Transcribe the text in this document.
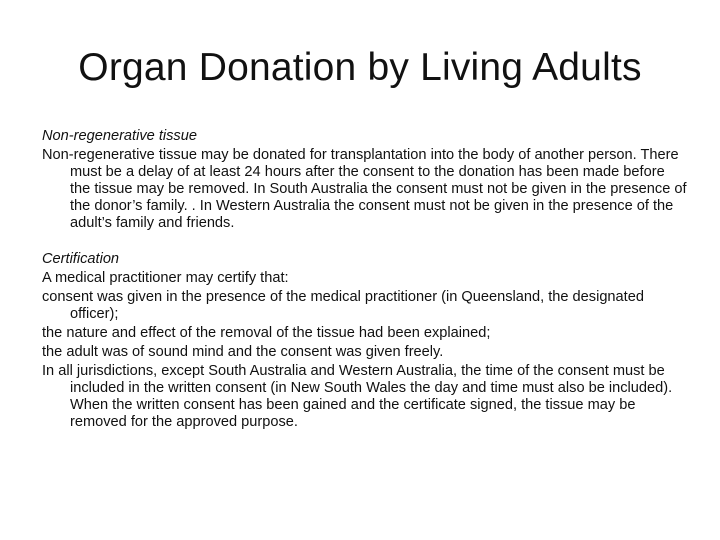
Organ Donation by Living Adults
Non-regenerative tissue
Non-regenerative tissue may be donated for transplantation into the body of another person. There must be a delay of at least 24 hours after the consent to the donation has been made before the tissue may be removed. In South Australia the consent must not be given in the presence of the donor’s family. . In Western Australia the consent must not be given in the presence of the adult’s family and friends.
Certification
A medical practitioner may certify that:
consent was given in the presence of the medical practitioner (in Queensland, the designated officer);
the nature and effect of the removal of the tissue had been explained;
the adult was of sound mind and the consent was given freely.
In all jurisdictions, except South Australia and Western Australia, the time of the consent must be included in the written consent (in New South Wales the day and time must also be included). When the written consent has been gained and the certificate signed, the tissue may be removed for the approved purpose.
